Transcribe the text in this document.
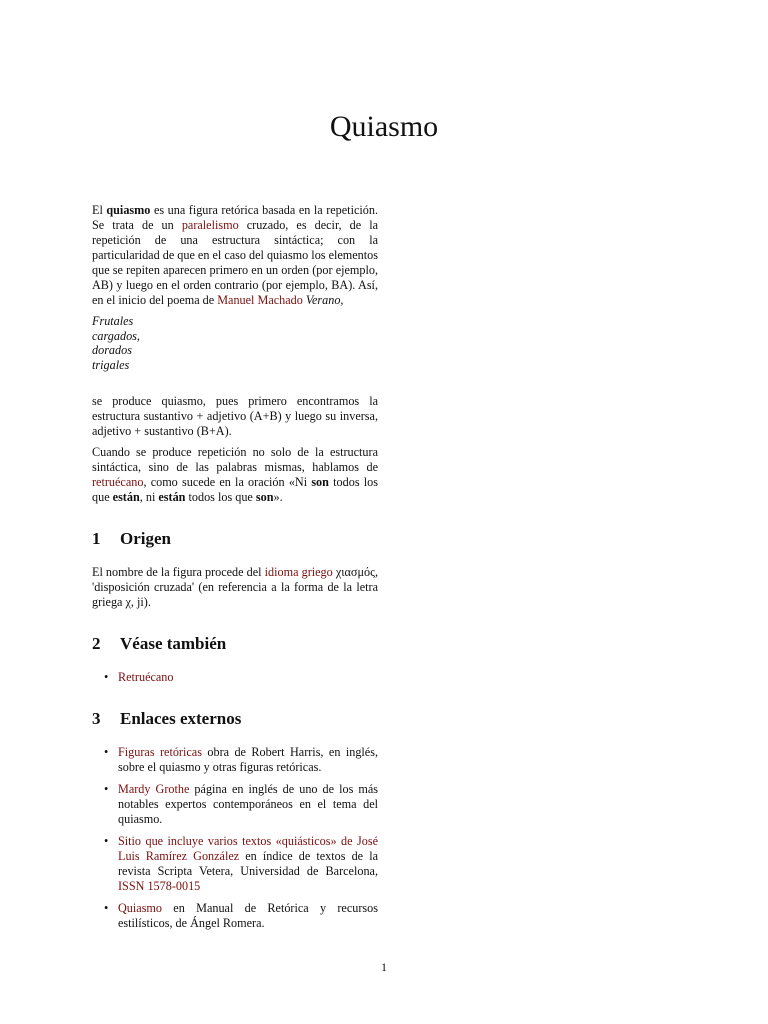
Quiasmo

El quiasmo es una figura retórica basada en la repetición. Se trata de un paralelismo cruzado, es decir, de la repetición de una estructura sintáctica; con la particularidad de que en el caso del quiasmo los elementos que se repiten aparecen primero en un orden (por ejemplo, AB) y luego en el orden contrario (por ejemplo, BA). Así, en el inicio del poema de Manuel Machado Verano,

Frutales
cargados,
dorados
trigales

se produce quiasmo, pues primero encontramos la estructura sustantivo + adjetivo (A+B) y luego su inversa, adjetivo + sustantivo (B+A).

Cuando se produce repetición no solo de la estructura sintáctica, sino de las palabras mismas, hablamos de retruécano, como sucede en la oración «Ni son todos los que están, ni están todos los que son».

1 Origen

El nombre de la figura procede del idioma griego χιασμός, 'disposición cruzada' (en referencia a la forma de la letra griega χ, ji).

2 Véase también
• Retruécano
3 Enlaces externos
• Figuras retóricas obra de Robert Harris, en inglés, sobre el quiasmo y otras figuras retóricas.
• Mardy Grothe página en inglés de uno de los más notables expertos contemporáneos en el tema del quiasmo.
• Sitio que incluye varios textos «quiásticos» de José Luis Ramírez González en índice de textos de la revista Scripta Vetera, Universidad de Barcelona, ISSN 1578-0015
• Quiasmo en Manual de Retórica y recursos estilísticos, de Ángel Romera.
1
